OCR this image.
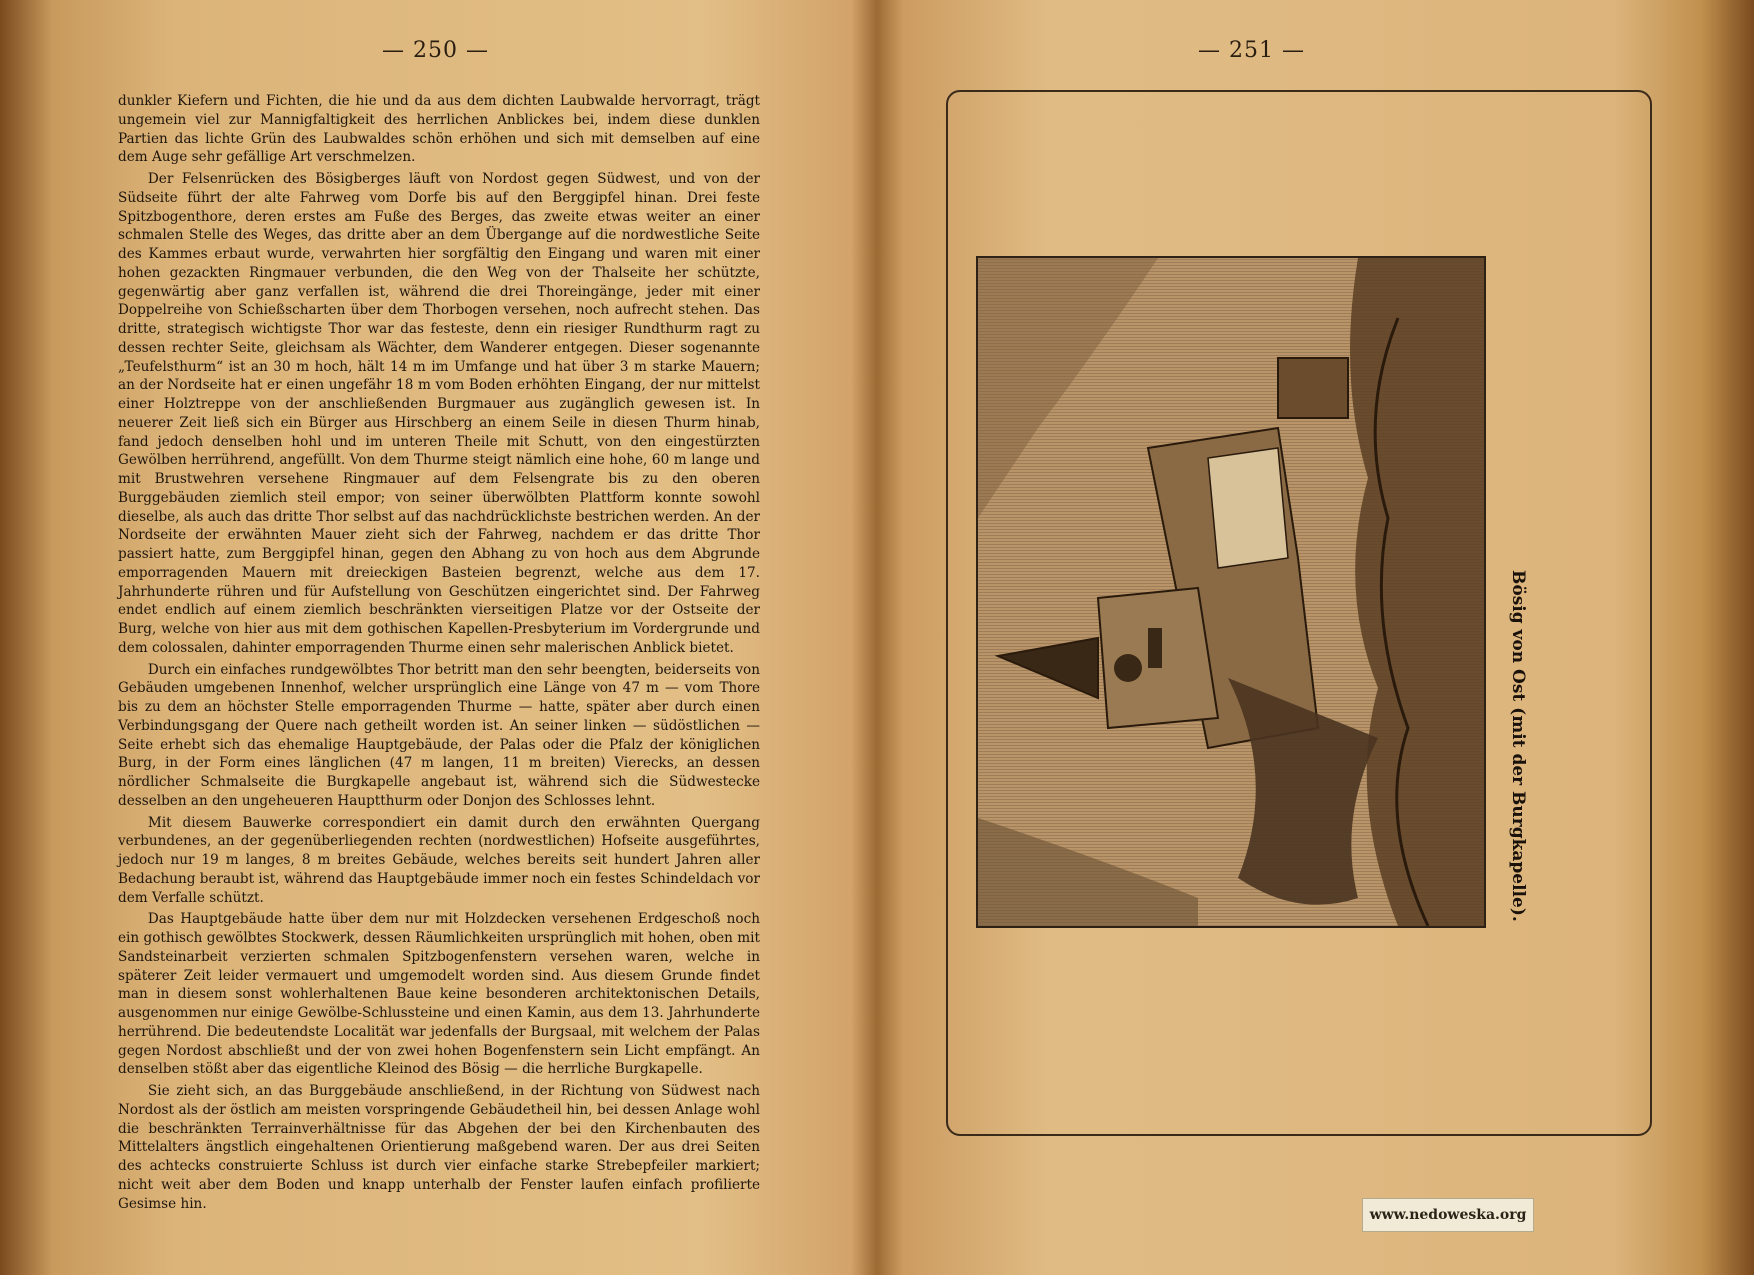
— 250 —

dunkler Kiefern und Fichten, die hie und da aus dem dichten Laubwalde hervorragt, trägt ungemein viel zur Mannigfaltigkeit des herrlichen Anblickes bei, indem diese dunklen Partien das lichte Grün des Laubwaldes schön erhöhen und sich mit demselben auf eine dem Auge sehr gefällige Art verschmelzen.

Der Felsenrücken des Bösigberges läuft von Nordost gegen Südwest, und von der Südseite führt der alte Fahrweg vom Dorfe bis auf den Berggipfel hinan. Drei feste Spitzbogenthore, deren erstes am Fuße des Berges, das zweite etwas weiter an einer schmalen Stelle des Weges, das dritte aber an dem Übergange auf die nordwestliche Seite des Kammes erbaut wurde, verwahrten hier sorgfältig den Eingang und waren mit einer hohen gezackten Ringmauer verbunden, die den Weg von der Thalseite her schützte, gegenwärtig aber ganz verfallen ist, während die drei Thoreingänge, jeder mit einer Doppelreihe von Schießscharten über dem Thorbogen versehen, noch aufrecht stehen. Das dritte, strategisch wichtigste Thor war das festeste, denn ein riesiger Rundthurm ragt zu dessen rechter Seite, gleichsam als Wächter, dem Wanderer entgegen. Dieser sogenannte „Teufelsthurm“ ist an 30 m hoch, hält 14 m im Umfange und hat über 3 m starke Mauern; an der Nordseite hat er einen ungefähr 18 m vom Boden erhöhten Eingang, der nur mittelst einer Holztreppe von der anschließenden Burgmauer aus zugänglich gewesen ist. In neuerer Zeit ließ sich ein Bürger aus Hirschberg an einem Seile in diesen Thurm hinab, fand jedoch denselben hohl und im unteren Theile mit Schutt, von den eingestürzten Gewölben herrührend, angefüllt. Von dem Thurme steigt nämlich eine hohe, 60 m lange und mit Brustwehren versehene Ringmauer auf dem Felsengrate bis zu den oberen Burggebäuden ziemlich steil empor; von seiner überwölbten Plattform konnte sowohl dieselbe, als auch das dritte Thor selbst auf das nachdrücklichste bestrichen werden. An der Nordseite der erwähnten Mauer zieht sich der Fahrweg, nachdem er das dritte Thor passiert hatte, zum Berggipfel hinan, gegen den Abhang zu von hoch aus dem Abgrunde emporragenden Mauern mit dreieckigen Basteien begrenzt, welche aus dem 17. Jahrhunderte rühren und für Aufstellung von Geschützen eingerichtet sind. Der Fahrweg endet endlich auf einem ziemlich beschränkten vierseitigen Platze vor der Ostseite der Burg, welche von hier aus mit dem gothischen Kapellen-Presbyterium im Vordergrunde und dem colossalen, dahinter emporragenden Thurme einen sehr malerischen Anblick bietet.

Durch ein einfaches rundgewölbtes Thor betritt man den sehr beengten, beiderseits von Gebäuden umgebenen Innenhof, welcher ursprünglich eine Länge von 47 m — vom Thore bis zu dem an höchster Stelle emporragenden Thurme — hatte, später aber durch einen Verbindungsgang der Quere nach getheilt worden ist. An seiner linken — südöstlichen — Seite erhebt sich das ehemalige Hauptgebäude, der Palas oder die Pfalz der königlichen Burg, in der Form eines länglichen (47 m langen, 11 m breiten) Vierecks, an dessen nördlicher Schmalseite die Burgkapelle angebaut ist, während sich die Südwestecke desselben an den ungeheueren Hauptthurm oder Donjon des Schlosses lehnt.

Mit diesem Bauwerke correspondiert ein damit durch den erwähnten Quergang verbundenes, an der gegenüberliegenden rechten (nordwestlichen) Hofseite ausgeführtes, jedoch nur 19 m langes, 8 m breites Gebäude, welches bereits seit hundert Jahren aller Bedachung beraubt ist, während das Hauptgebäude immer noch ein festes Schindeldach vor dem Verfalle schützt.

Das Hauptgebäude hatte über dem nur mit Holzdecken versehenen Erdgeschoß noch ein gothisch gewölbtes Stockwerk, dessen Räumlichkeiten ursprünglich mit hohen, oben mit Sandsteinarbeit verzierten schmalen Spitzbogenfenstern versehen waren, welche in späterer Zeit leider vermauert und umgemodelt worden sind. Aus diesem Grunde findet man in diesem sonst wohlerhaltenen Baue keine besonderen architektonischen Details, ausgenommen nur einige Gewölbe-Schlussteine und einen Kamin, aus dem 13. Jahrhunderte herrührend. Die bedeutendste Localität war jedenfalls der Burgsaal, mit welchem der Palas gegen Nordost abschließt und der von zwei hohen Bogenfenstern sein Licht empfängt. An denselben stößt aber das eigentliche Kleinod des Bösig — die herrliche Burgkapelle.

Sie zieht sich, an das Burggebäude anschließend, in der Richtung von Südwest nach Nordost als der östlich am meisten vorspringende Gebäudetheil hin, bei dessen Anlage wohl die beschränkten Terrainverhältnisse für das Abgehen der bei den Kirchenbauten des Mittelalters ängstlich eingehaltenen Orientierung maßgebend waren. Der aus drei Seiten des achtecks construierte Schluss ist durch vier einfache starke Strebepfeiler markiert; nicht weit aber dem Boden und knapp unterhalb der Fenster laufen einfach profilierte Gesimse hin.

— 251 —
Bösig von Ost (mit der Burgkapelle).
www.nedoweska.org
